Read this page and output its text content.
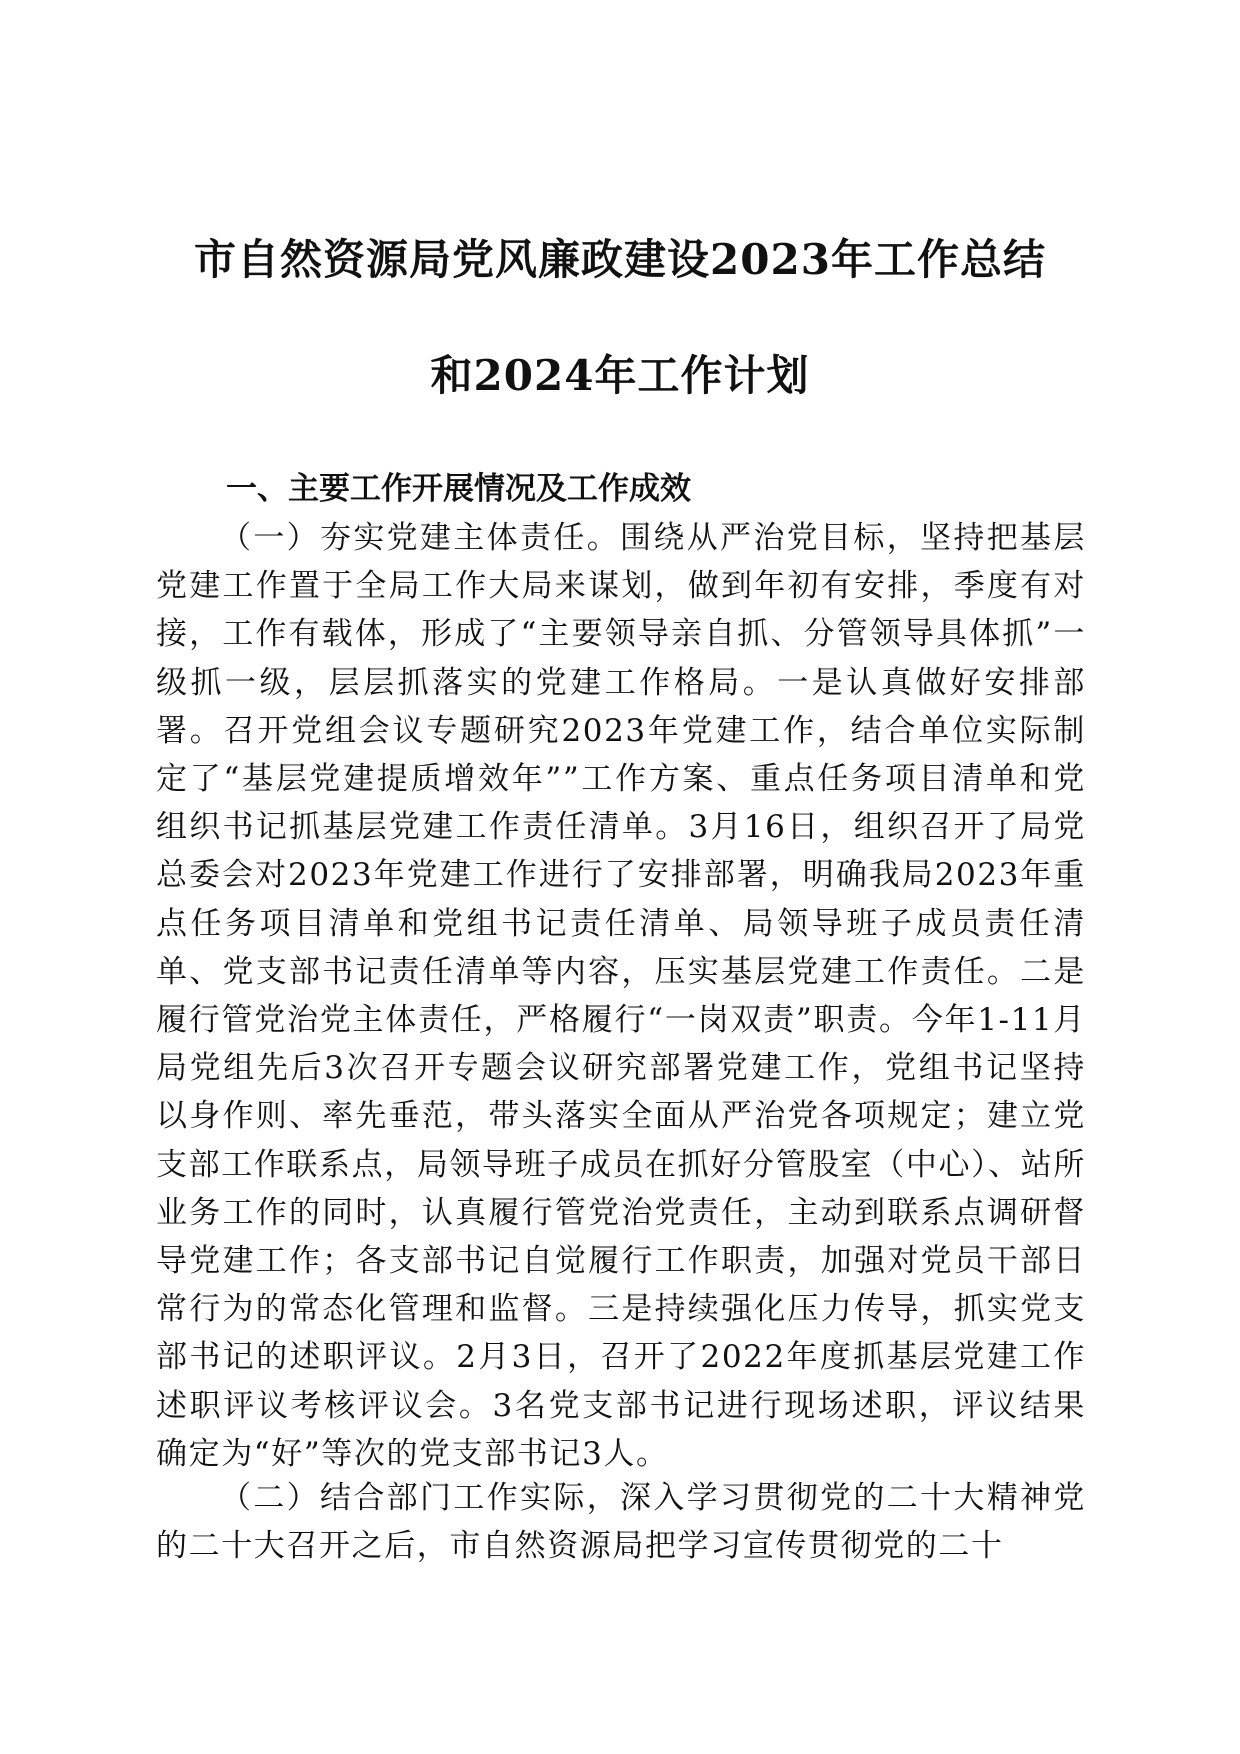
市自然资源局党风廉政建设2023年工作总结
和2024年工作计划
一、主要工作开展情况及工作成效

（一）夯实党建主体责任。围绕从严治党目标，坚持把基层党建工作置于全局工作大局来谋划，做到年初有安排，季度有对接，工作有载体，形成了“主要领导亲自抓、分管领导具体抓”一级抓一级，层层抓落实的党建工作格局。一是认真做好安排部署。召开党组会议专题研究2023年党建工作，结合单位实际制定了“基层党建提质增效年””工作方案、重点任务项目清单和党组织书记抓基层党建工作责任清单。3月16日，组织召开了局党总委会对2023年党建工作进行了安排部署，明确我局2023年重点任务项目清单和党组书记责任清单、局领导班子成员责任清单、党支部书记责任清单等内容，压实基层党建工作责任。二是履行管党治党主体责任，严格履行“一岗双责”职责。今年1-11月局党组先后3次召开专题会议研究部署党建工作，党组书记坚持以身作则、率先垂范，带头落实全面从严治党各项规定；建立党支部工作联系点，局领导班子成员在抓好分管股室（中心）、站所业务工作的同时，认真履行管党治党责任，主动到联系点调研督导党建工作；各支部书记自觉履行工作职责，加强对党员干部日常行为的常态化管理和监督。三是持续强化压力传导，抓实党支部书记的述职评议。2月3日，召开了2022年度抓基层党建工作述职评议考核评议会。3名党支部书记进行现场述职，评议结果确定为“好”等次的党支部书记3人。

（二）结合部门工作实际，深入学习贯彻党的二十大精神党的二十大召开之后，市自然资源局把学习宣传贯彻党的二十
